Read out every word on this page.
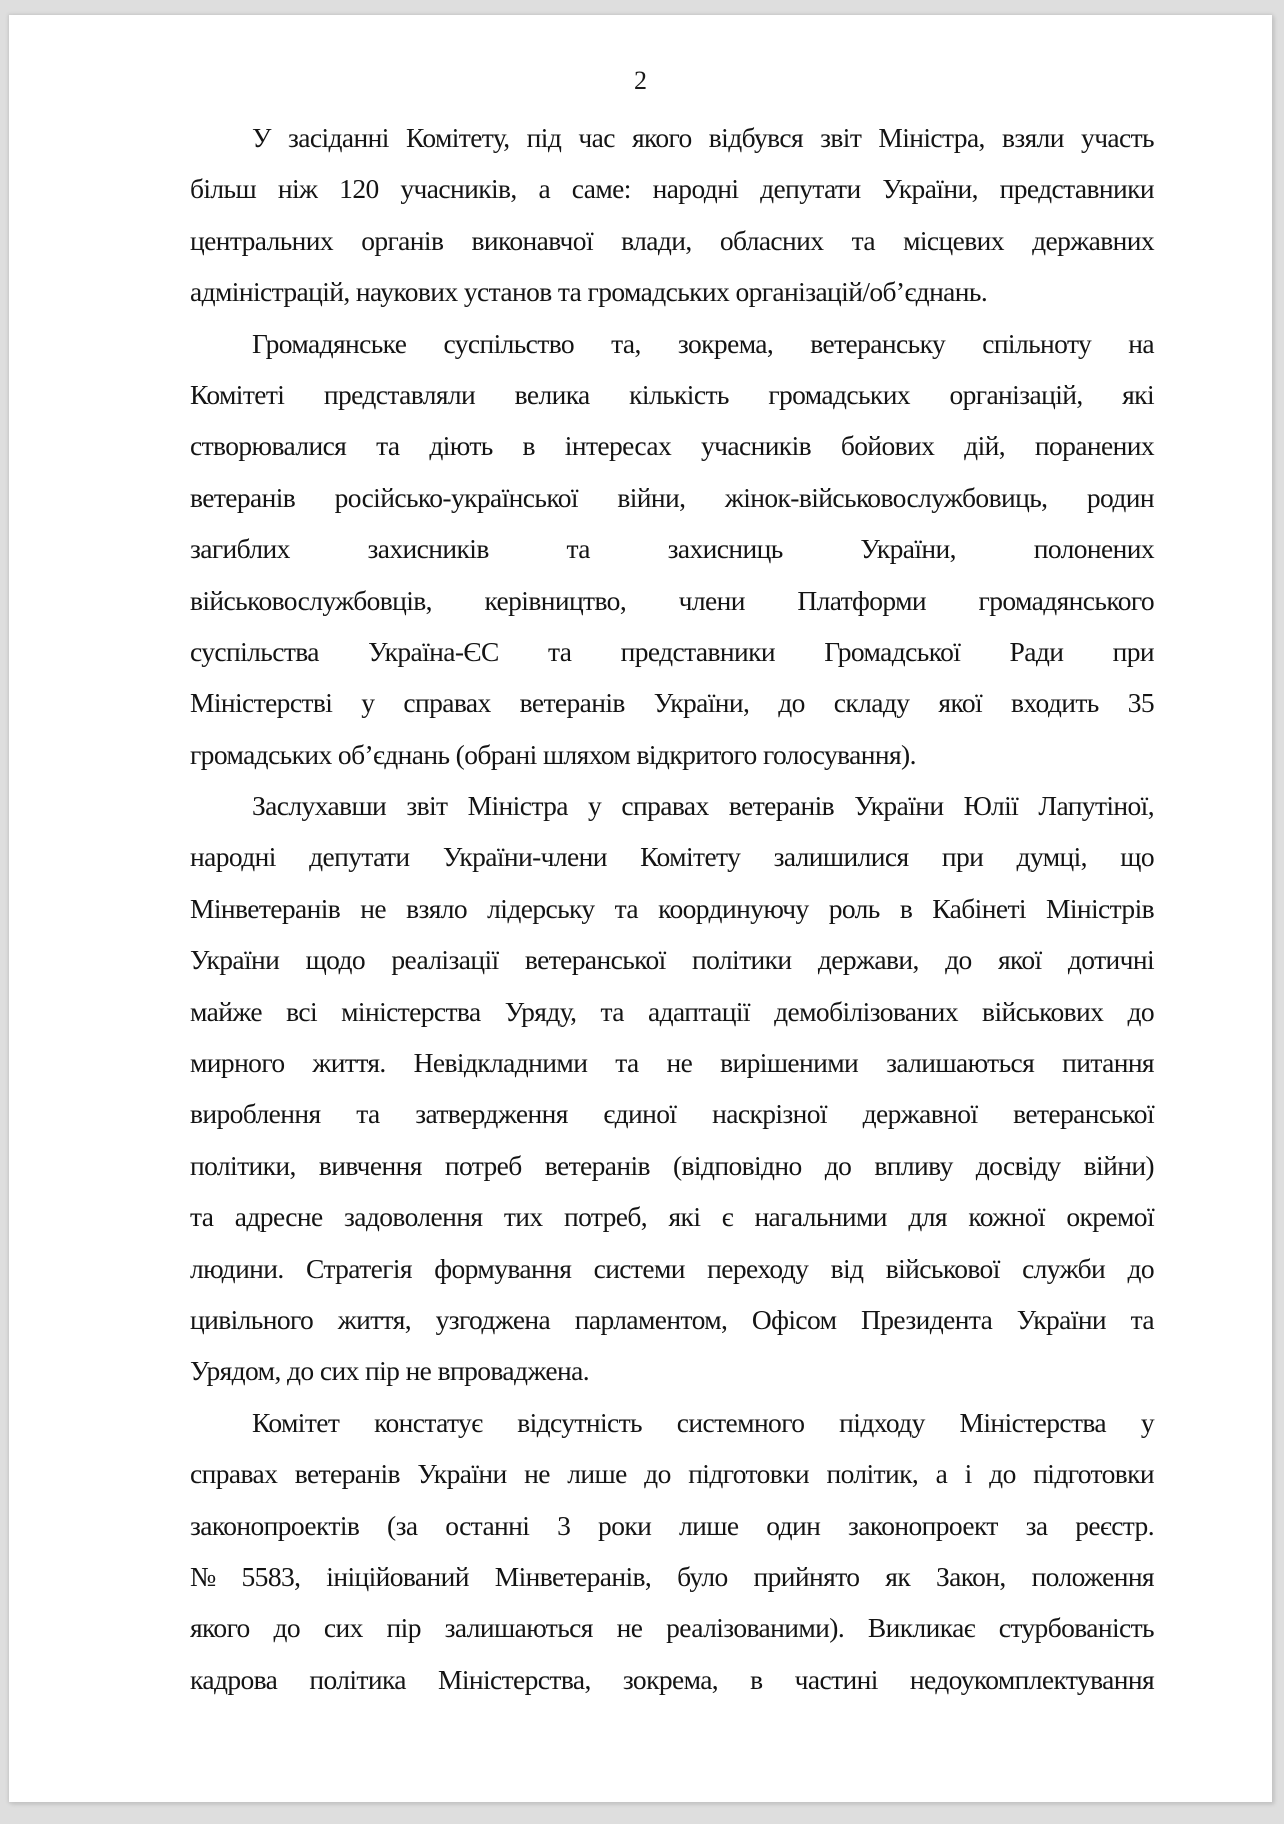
2
У засіданні Комітету, під час якого відбувся звіт Міністра, взяли участь
більш ніж 120 учасників, а саме: народні депутати України, представники
центральних органів виконавчої влади, обласних та місцевих державних
адміністрацій, наукових установ та громадських організацій/об’єднань.
Громадянське суспільство та, зокрема, ветеранську спільноту на
Комітеті представляли велика кількість громадських організацій, які
створювалися та діють в інтересах учасників бойових дій, поранених
ветеранів російсько-української війни, жінок-військовослужбовиць, родин
загиблих захисників та захисниць України, полонених
військовослужбовців, керівництво, члени Платформи громадянського
суспільства Україна-ЄС та представники Громадської Ради при
Міністерстві у справах ветеранів України, до складу якої входить 35
громадських об’єднань (обрані шляхом відкритого голосування).
Заслухавши звіт Міністра у справах ветеранів України Юлії Лапутіної,
народні депутати України-члени Комітету залишилися при думці, що
Мінветеранів не взяло лідерську та координуючу роль в Кабінеті Міністрів
України щодо реалізації ветеранської політики держави, до якої дотичні
майже всі міністерства Уряду, та адаптації демобілізованих військових до
мирного життя. Невідкладними та не вирішеними залишаються питання
вироблення та затвердження єдиної наскрізної державної ветеранської
політики, вивчення потреб ветеранів (відповідно до впливу досвіду війни)
та адресне задоволення тих потреб, які є нагальними для кожної окремої
людини. Стратегія формування системи переходу від військової служби до
цивільного життя, узгоджена парламентом, Офісом Президента України та
Урядом, до сих пір не впроваджена.
Комітет констатує відсутність системного підходу Міністерства у
справах ветеранів України не лише до підготовки політик, а і до підготовки
законопроектів (за останні 3 роки лише один законопроект за реєстр.
№ 5583, ініційований Мінветеранів, було прийнято як Закон, положення
якого до сих пір залишаються не реалізованими). Викликає стурбованість
кадрова політика Міністерства, зокрема, в частині недоукомплектування
